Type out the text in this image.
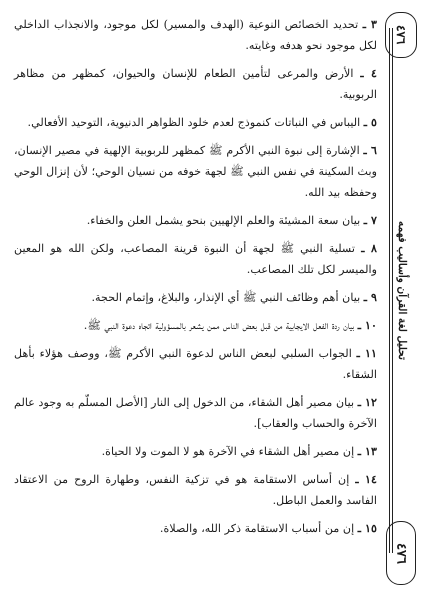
٣ ـ تحديد الخصائص النوعية (الهدف والمسير) لكل موجود، والانجذاب الداخلي لكل موجود نحو هدفه وغايته.

٤ ـ الأرض والمرعى لتأمين الطعام للإنسان والحيوان، كمظهر من مظاهر الربوبية.

٥ ـ اليباس في النباتات كنموذج لعدم خلود الظواهر الدنيوية، التوحيد الأفعالي.

٦ ـ الإشارة إلى نبوة النبي الأكرم ﷺ كمظهر للربوبية الإلهية في مصير الإنسان، وبث السكينة في نفس النبي ﷺ لجهة خوفه من نسيان الوحي؛ لأن إنزال الوحي وحفظه بيد الله.

٧ ـ بيان سعة المشيئة والعلم الإلهيين بنحو يشمل العلن والخفاء.

٨ ـ تسلية النبي ﷺ لجهة أن النبوة قرينة المصاعب، ولكن الله هو المعين والميسر لكل تلك المصاعب.

٩ ـ بيان أهم وظائف النبي ﷺ أي الإنذار، والبلاغ، وإتمام الحجة.

١٠ ـ بيان ردة الفعل الايجابية من قبل بعض الناس ممن يشعر بالمسؤولية اتجاه دعوة النبي ﷺ.

١١ ـ الجواب السلبي لبعض الناس لدعوة النبي الأكرم ﷺ، ووصف هؤلاء بأهل الشقاء.

١٢ ـ بيان مصير أهل الشقاء، من الدخول إلى النار [الأصل المسلّم به وجود عالم الآخرة والحساب والعقاب].

١٣ ـ إن مصير أهل الشقاء في الآخرة هو لا الموت ولا الحياة.

١٤ ـ إن أساس الاستقامة هو في تزكية النفس، وطهارة الروح من الاعتقاد الفاسد والعمل الباطل.

١٥ ـ إن من أسباب الاستقامة ذكر الله، والصلاة.

٤٧٦
تحليل لغة القرآن وأساليب فهمه
٤٧٦
